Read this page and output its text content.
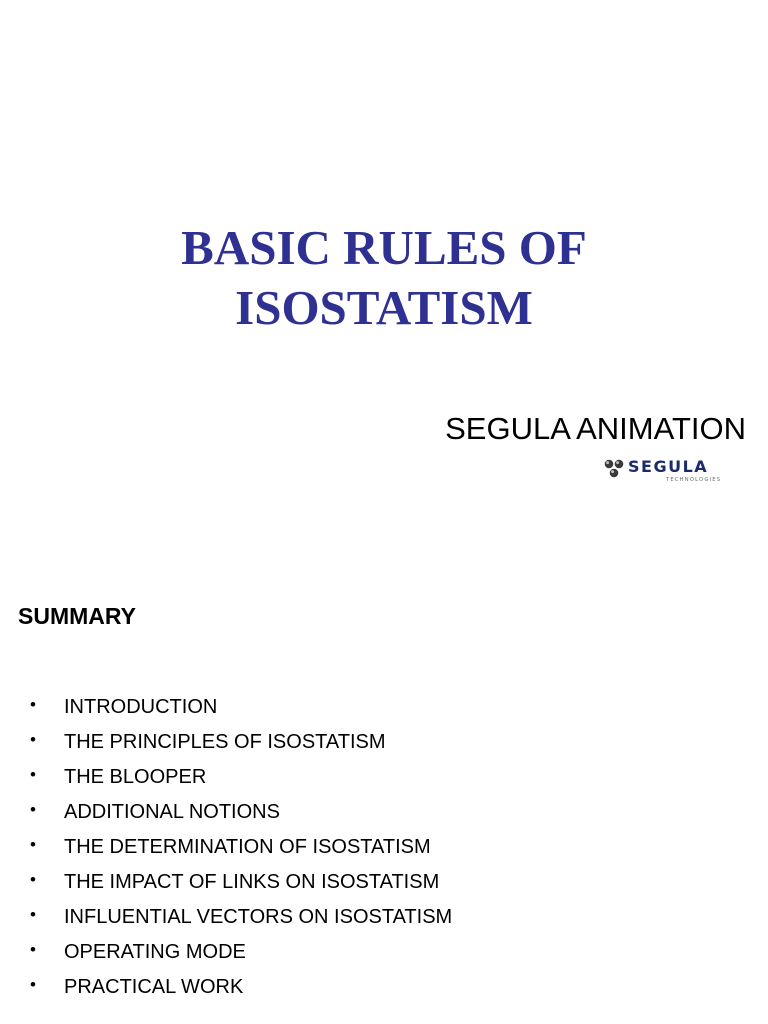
BASIC RULES OF
ISOSTATISM
SEGULA ANIMATION
SEGULA
TECHNOLOGIES
SUMMARY
• INTRODUCTION
• THE PRINCIPLES OF ISOSTATISM
• THE BLOOPER
• ADDITIONAL NOTIONS
• THE DETERMINATION OF ISOSTATISM
• THE IMPACT OF LINKS ON ISOSTATISM
• INFLUENTIAL VECTORS ON ISOSTATISM
• OPERATING MODE
• PRACTICAL WORK
